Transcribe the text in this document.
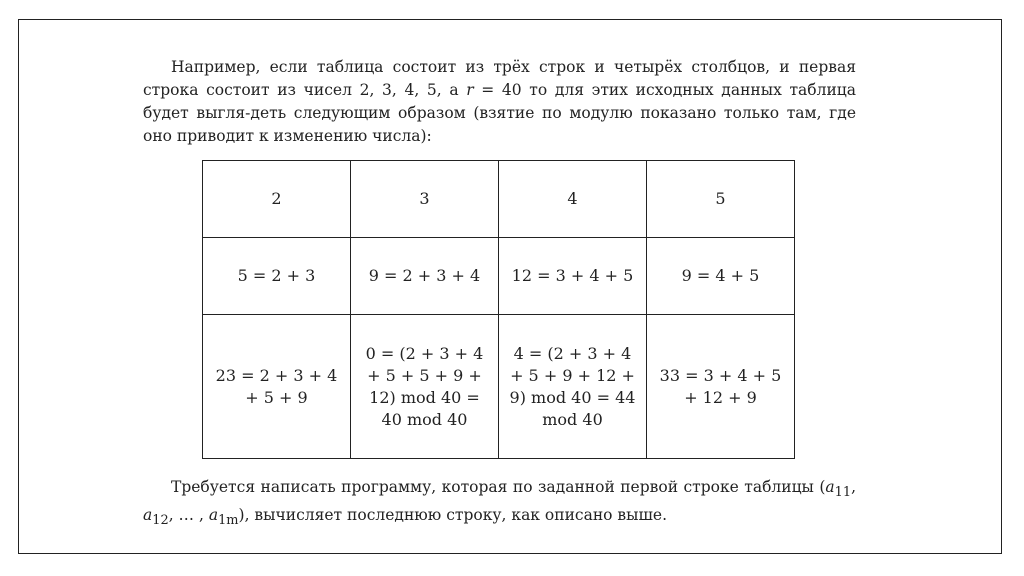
Например, если таблица состоит из трёх строк и четырёх столбцов, и первая строка состоит из чисел 2, 3, 4, 5, а r = 40 то для этих исходных данных таблица будет выгля-деть следующим образом (взятие по модулю показано только там, где оно приводит к изменению числа):

2	3	4	5
5 = 2 + 3	9 = 2 + 3 + 4	12 = 3 + 4 + 5	9 = 4 + 5
23 = 2 + 3 + 4 + 5 + 9	0 = (2 + 3 + 4 + 5 + 5 + 9 + 12) mod 40 = 40 mod 40	4 = (2 + 3 + 4 + 5 + 9 + 12 + 9) mod 40 = 44 mod 40	33 = 3 + 4 + 5 + 12 + 9

Требуется написать программу, которая по заданной первой строке таблицы ($a_{11}$, $a_{12}$, … , $a_{1m}$), вычисляет последнюю строку, как описано выше.
